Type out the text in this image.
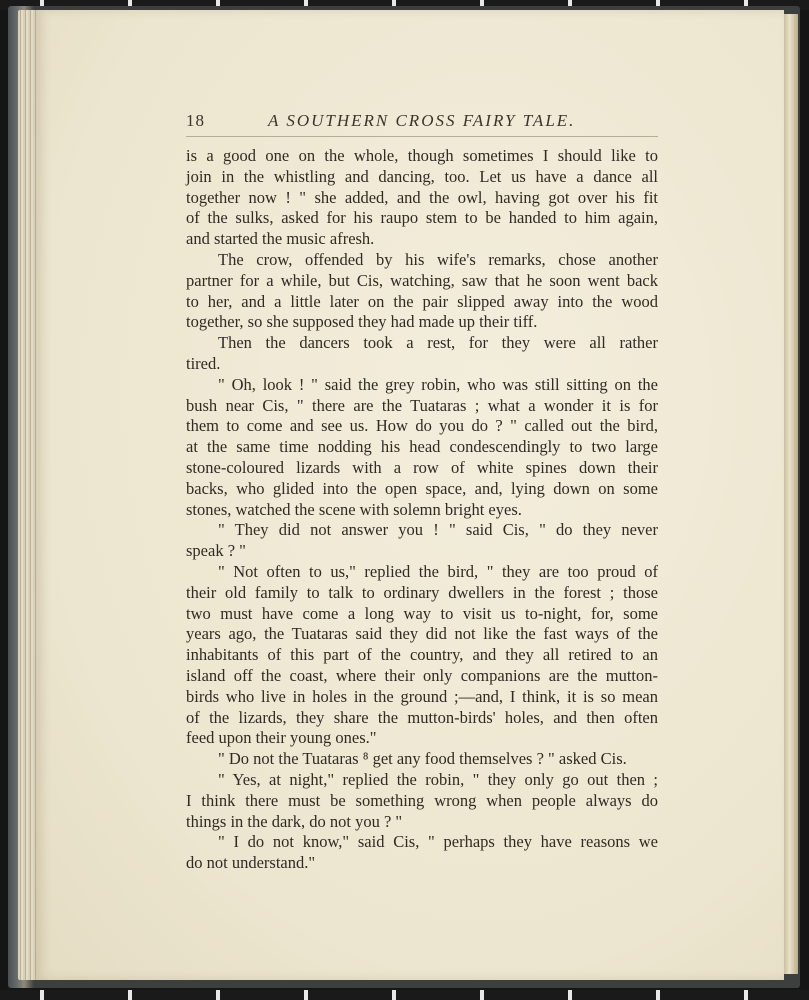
18	A SOUTHERN CROSS FAIRY TALE.

is a good one on the whole, though sometimes I should like to
join in the whistling and dancing, too. Let us have a dance all
together now ! " she added, and the owl, having got over his fit
of the sulks, asked for his raupo stem to be handed to him again,
and started the music afresh.

The crow, offended by his wife's remarks, chose another
partner for a while, but Cis, watching, saw that he soon went back
to her, and a little later on the pair slipped away into the wood
together, so she supposed they had made up their tiff.

Then the dancers took a rest, for they were all rather
tired.

" Oh, look ! " said the grey robin, who was still sitting on the
bush near Cis, " there are the Tuataras ; what a wonder it is for
them to come and see us. How do you do ? " called out the bird,
at the same time nodding his head condescendingly to two large
stone-coloured lizards with a row of white spines down their
backs, who glided into the open space, and, lying down on some
stones, watched the scene with solemn bright eyes.

" They did not answer you ! " said Cis, " do they never
speak ? "

" Not often to us," replied the bird, " they are too proud of
their old family to talk to ordinary dwellers in the forest ; those
two must have come a long way to visit us to-night, for, some
years ago, the Tuataras said they did not like the fast ways of the
inhabitants of this part of the country, and they all retired to an
island off the coast, where their only companions are the mutton-
birds who live in holes in the ground ;—and, I think, it is so mean
of the lizards, they share the mutton-birds' holes, and then often
feed upon their young ones."

" Do not the Tuataras ⁸ get any food themselves ? " asked Cis.

" Yes, at night," replied the robin, " they only go out then ;
I think there must be something wrong when people always do
things in the dark, do not you ? "

" I do not know," said Cis, " perhaps they have reasons we
do not understand."
